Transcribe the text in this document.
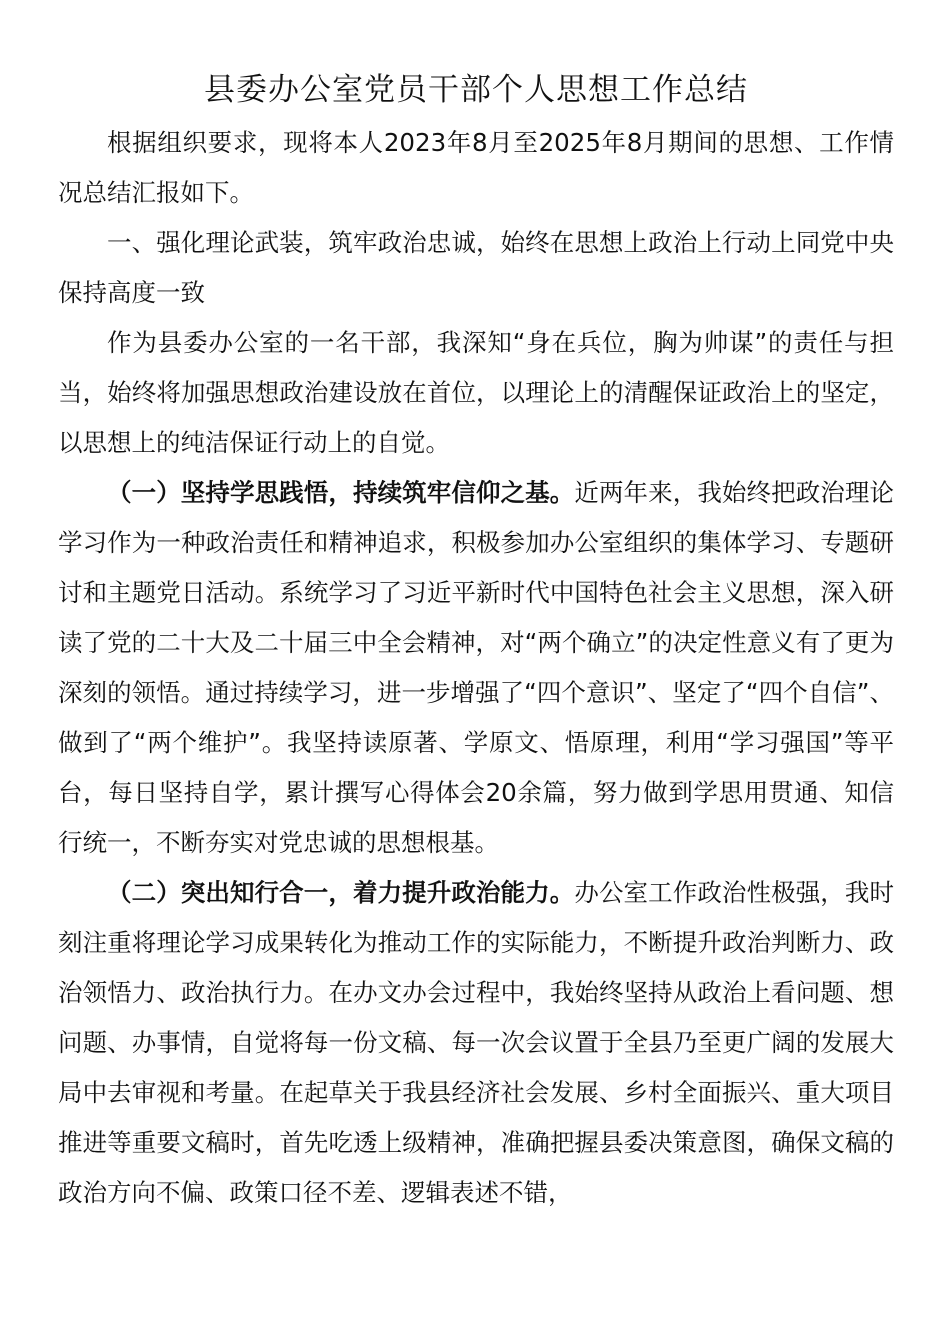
县委办公室党员干部个人思想工作总结

根据组织要求，现将本人2023年8月至2025年8月期间的思想、工作情况总结汇报如下。

一、强化理论武装，筑牢政治忠诚，始终在思想上政治上行动上同党中央保持高度一致

作为县委办公室的一名干部，我深知“身在兵位，胸为帅谋”的责任与担当，始终将加强思想政治建设放在首位，以理论上的清醒保证政治上的坚定，以思想上的纯洁保证行动上的自觉。

（一）坚持学思践悟，持续筑牢信仰之基。近两年来，我始终把政治理论学习作为一种政治责任和精神追求，积极参加办公室组织的集体学习、专题研讨和主题党日活动。系统学习了习近平新时代中国特色社会主义思想，深入研读了党的二十大及二十届三中全会精神，对“两个确立”的决定性意义有了更为深刻的领悟。通过持续学习，进一步增强了“四个意识”、坚定了“四个自信”、做到了“两个维护”。我坚持读原著、学原文、悟原理，利用“学习强国”等平台，每日坚持自学，累计撰写心得体会20余篇，努力做到学思用贯通、知信行统一，不断夯实对党忠诚的思想根基。

（二）突出知行合一，着力提升政治能力。办公室工作政治性极强，我时刻注重将理论学习成果转化为推动工作的实际能力，不断提升政治判断力、政治领悟力、政治执行力。在办文办会过程中，我始终坚持从政治上看问题、想问题、办事情，自觉将每一份文稿、每一次会议置于全县乃至更广阔的发展大局中去审视和考量。在起草关于我县经济社会发展、乡村全面振兴、重大项目推进等重要文稿时，首先吃透上级精神，准确把握县委决策意图，确保文稿的政治方向不偏、政策口径不差、逻辑表述不错，
